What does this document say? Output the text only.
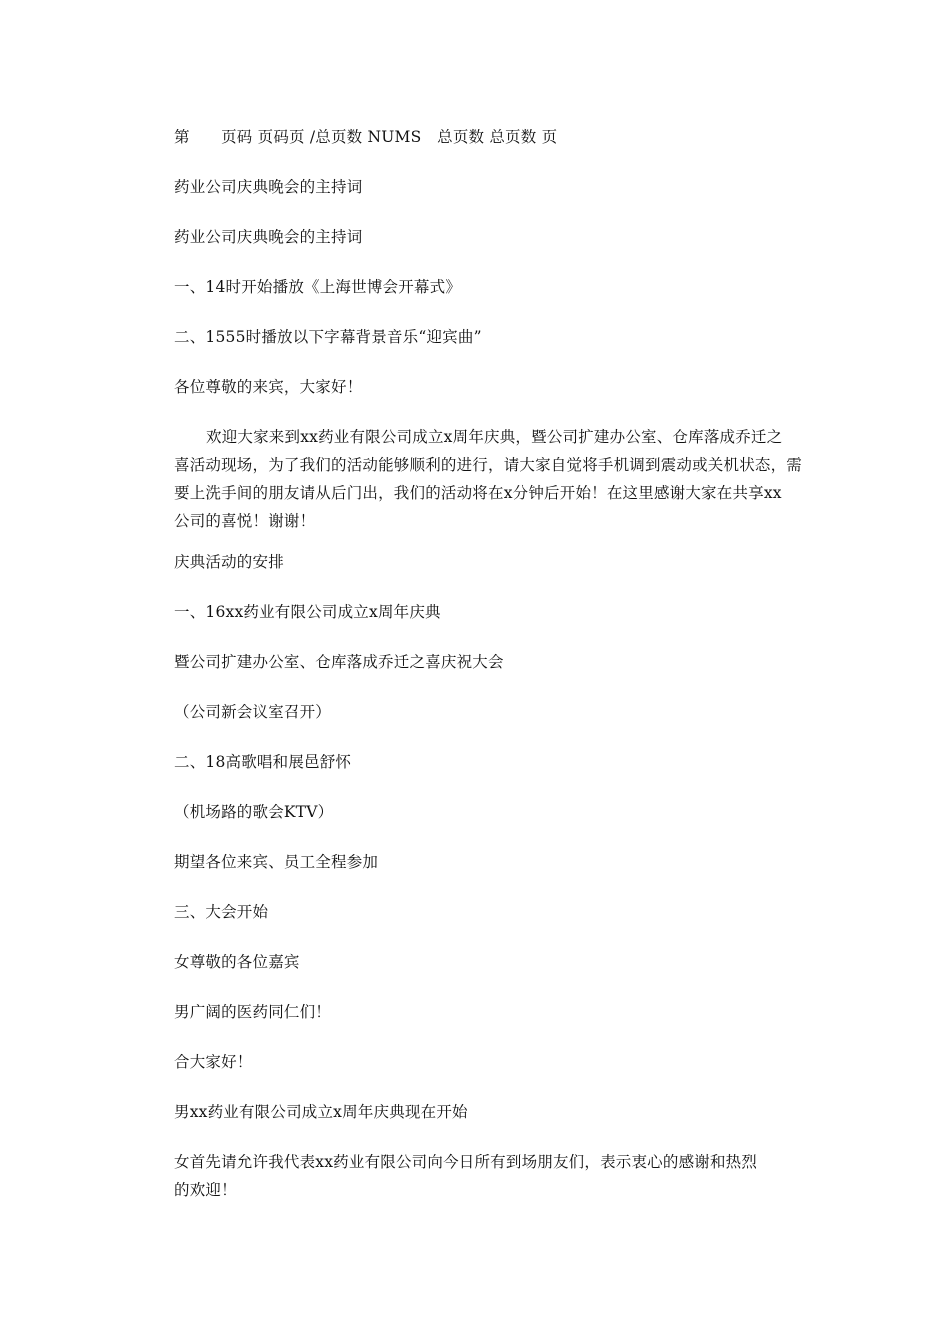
第　　页码 页码页 /总页数 NUMS　总页数 总页数 页
药业公司庆典晚会的主持词
药业公司庆典晚会的主持词
一、14时开始播放《上海世博会开幕式》
二、1555时播放以下字幕背景音乐“迎宾曲”
各位尊敬的来宾，大家好！
欢迎大家来到xx药业有限公司成立x周年庆典，暨公司扩建办公室、仓库落成乔迁之
喜活动现场，为了我们的活动能够顺利的进行，请大家自觉将手机调到震动或关机状态，需
要上洗手间的朋友请从后门出，我们的活动将在x分钟后开始！在这里感谢大家在共享xx
公司的喜悦！谢谢！
庆典活动的安排
一、16xx药业有限公司成立x周年庆典
暨公司扩建办公室、仓库落成乔迁之喜庆祝大会
（公司新会议室召开）
二、18高歌唱和展邑舒怀
（机场路的歌会KTV）
期望各位来宾、员工全程参加
三、大会开始
女尊敬的各位嘉宾
男广阔的医药同仁们！
合大家好！
男xx药业有限公司成立x周年庆典现在开始
女首先请允许我代表xx药业有限公司向今日所有到场朋友们，表示衷心的感谢和热烈
的欢迎！
